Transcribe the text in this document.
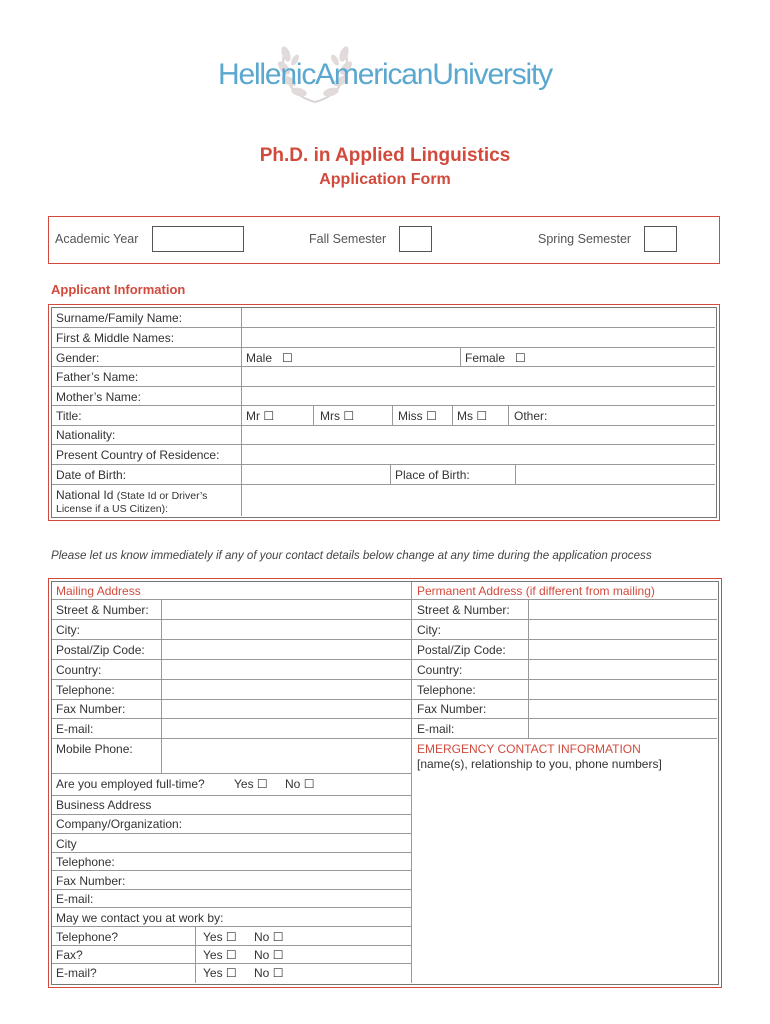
HellenicAmericanUniversity
Ph.D. in Applied Linguistics
Application Form
Academic Year	Fall Semester	Spring Semester
Applicant Information
Surname/Family Name:
First & Middle Names:
Gender:	Male ☐	Female ☐
Father’s Name:
Mother’s Name:
Title:	Mr ☐	Mrs ☐	Miss ☐ Ms ☐ Other:
Nationality:
Present Country of Residence:
Date of Birth:	Place of Birth:
National Id (State Id or Driver’s
License if a US Citizen):
Please let us know immediately if any of your contact details below change at any time during the application process
Mailing Address
Street & Number:
City:
Postal/Zip Code:
Country:
Telephone:
Fax Number:
E-mail:
Mobile Phone:
Are you employed full-time? Yes ☐ No ☐
Business Address
Company/Organization:
City
Telephone:
Fax Number:
E-mail:
May we contact you at work by:
Telephone?	Yes ☐ No ☐
Fax?	Yes ☐ No ☐
E-mail?	Yes ☐ No ☐
Permanent Address (if different from mailing)
Street & Number:
City:
Postal/Zip Code:
Country:
Telephone:
Fax Number:
E-mail:
EMERGENCY CONTACT INFORMATION
[name(s), relationship to you, phone numbers]
